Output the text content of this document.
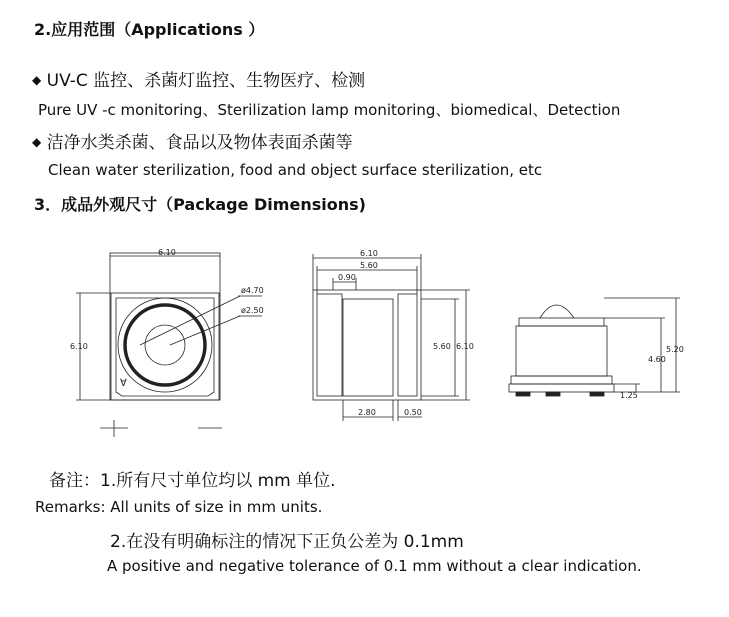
2.应用范围（Applications ）
◆ UV-C 监控、杀菌灯监控、生物医疗、检测
Pure UV -c monitoring、Sterilization lamp monitoring、biomedical、Detection
◆ 洁净水类杀菌、食品以及物体表面杀菌等
Clean water sterilization, food and object surface sterilization, etc
3．成品外观尺寸（Package Dimensions)
6.10
6.10
ø4.70
ø2.50
∀
6.10
5.60
0.90
5.60 6.10
2.80	0.50
5.20
4.60
1.25
备注：1.所有尺寸单位均以 mm 单位.
Remarks: All units of size in mm units.
2.在没有明确标注的情况下正负公差为 0.1mm
A positive and negative tolerance of 0.1 mm without a clear indication.
